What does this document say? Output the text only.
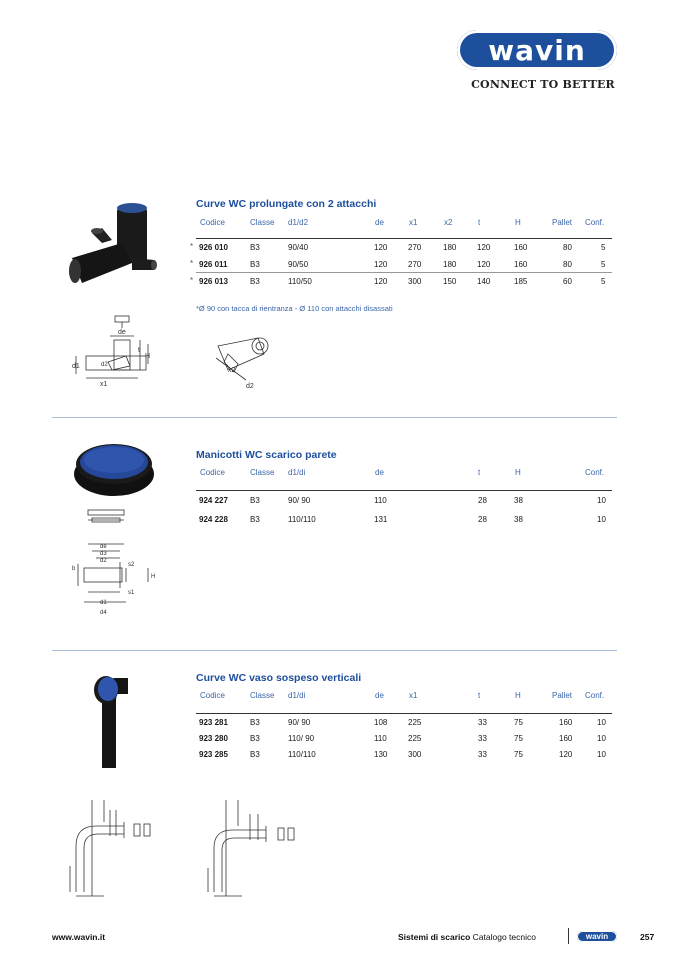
wavin
CONNECT TO BETTER
Curve WC prolungate con 2 attacchi
Codice	Classe d1/d2	de	x1	x2	t	H	Pallet Conf.
* 926 010	B3	90/40	120	270	180	120	160	80	5
* 926 011	B3	90/50	120	270	180	120	160	80	5
* 926 013	B3	110/50	120	300	150	140	185	60	5
*Ø 90 con tacca di rientranza - Ø 110 con attacchi disassati
de
t
H
d1	d2
x1
x2
d2
Manicotti WC scarico parete
Codice	Classe d1/di	de	t	H	Conf.
924 227	B3	90/ 90	110	28	38	10
924 228	B3	110/110	131	28	38	10
de
d3
d2
s2
b
H
s1
d1
d4
Curve WC vaso sospeso verticali
Codice	Classe d1/di	de	x1	t	H	Pallet Conf.
923 281	B3	90/ 90	108	225	33	75	160	10
923 280	B3	110/ 90	110	225	33	75	160	10
923 285	B3	110/110	130	300	33	75	120	10
www.wavin.it	Sistemi di scarico Catalogo tecnico	wavin	257
